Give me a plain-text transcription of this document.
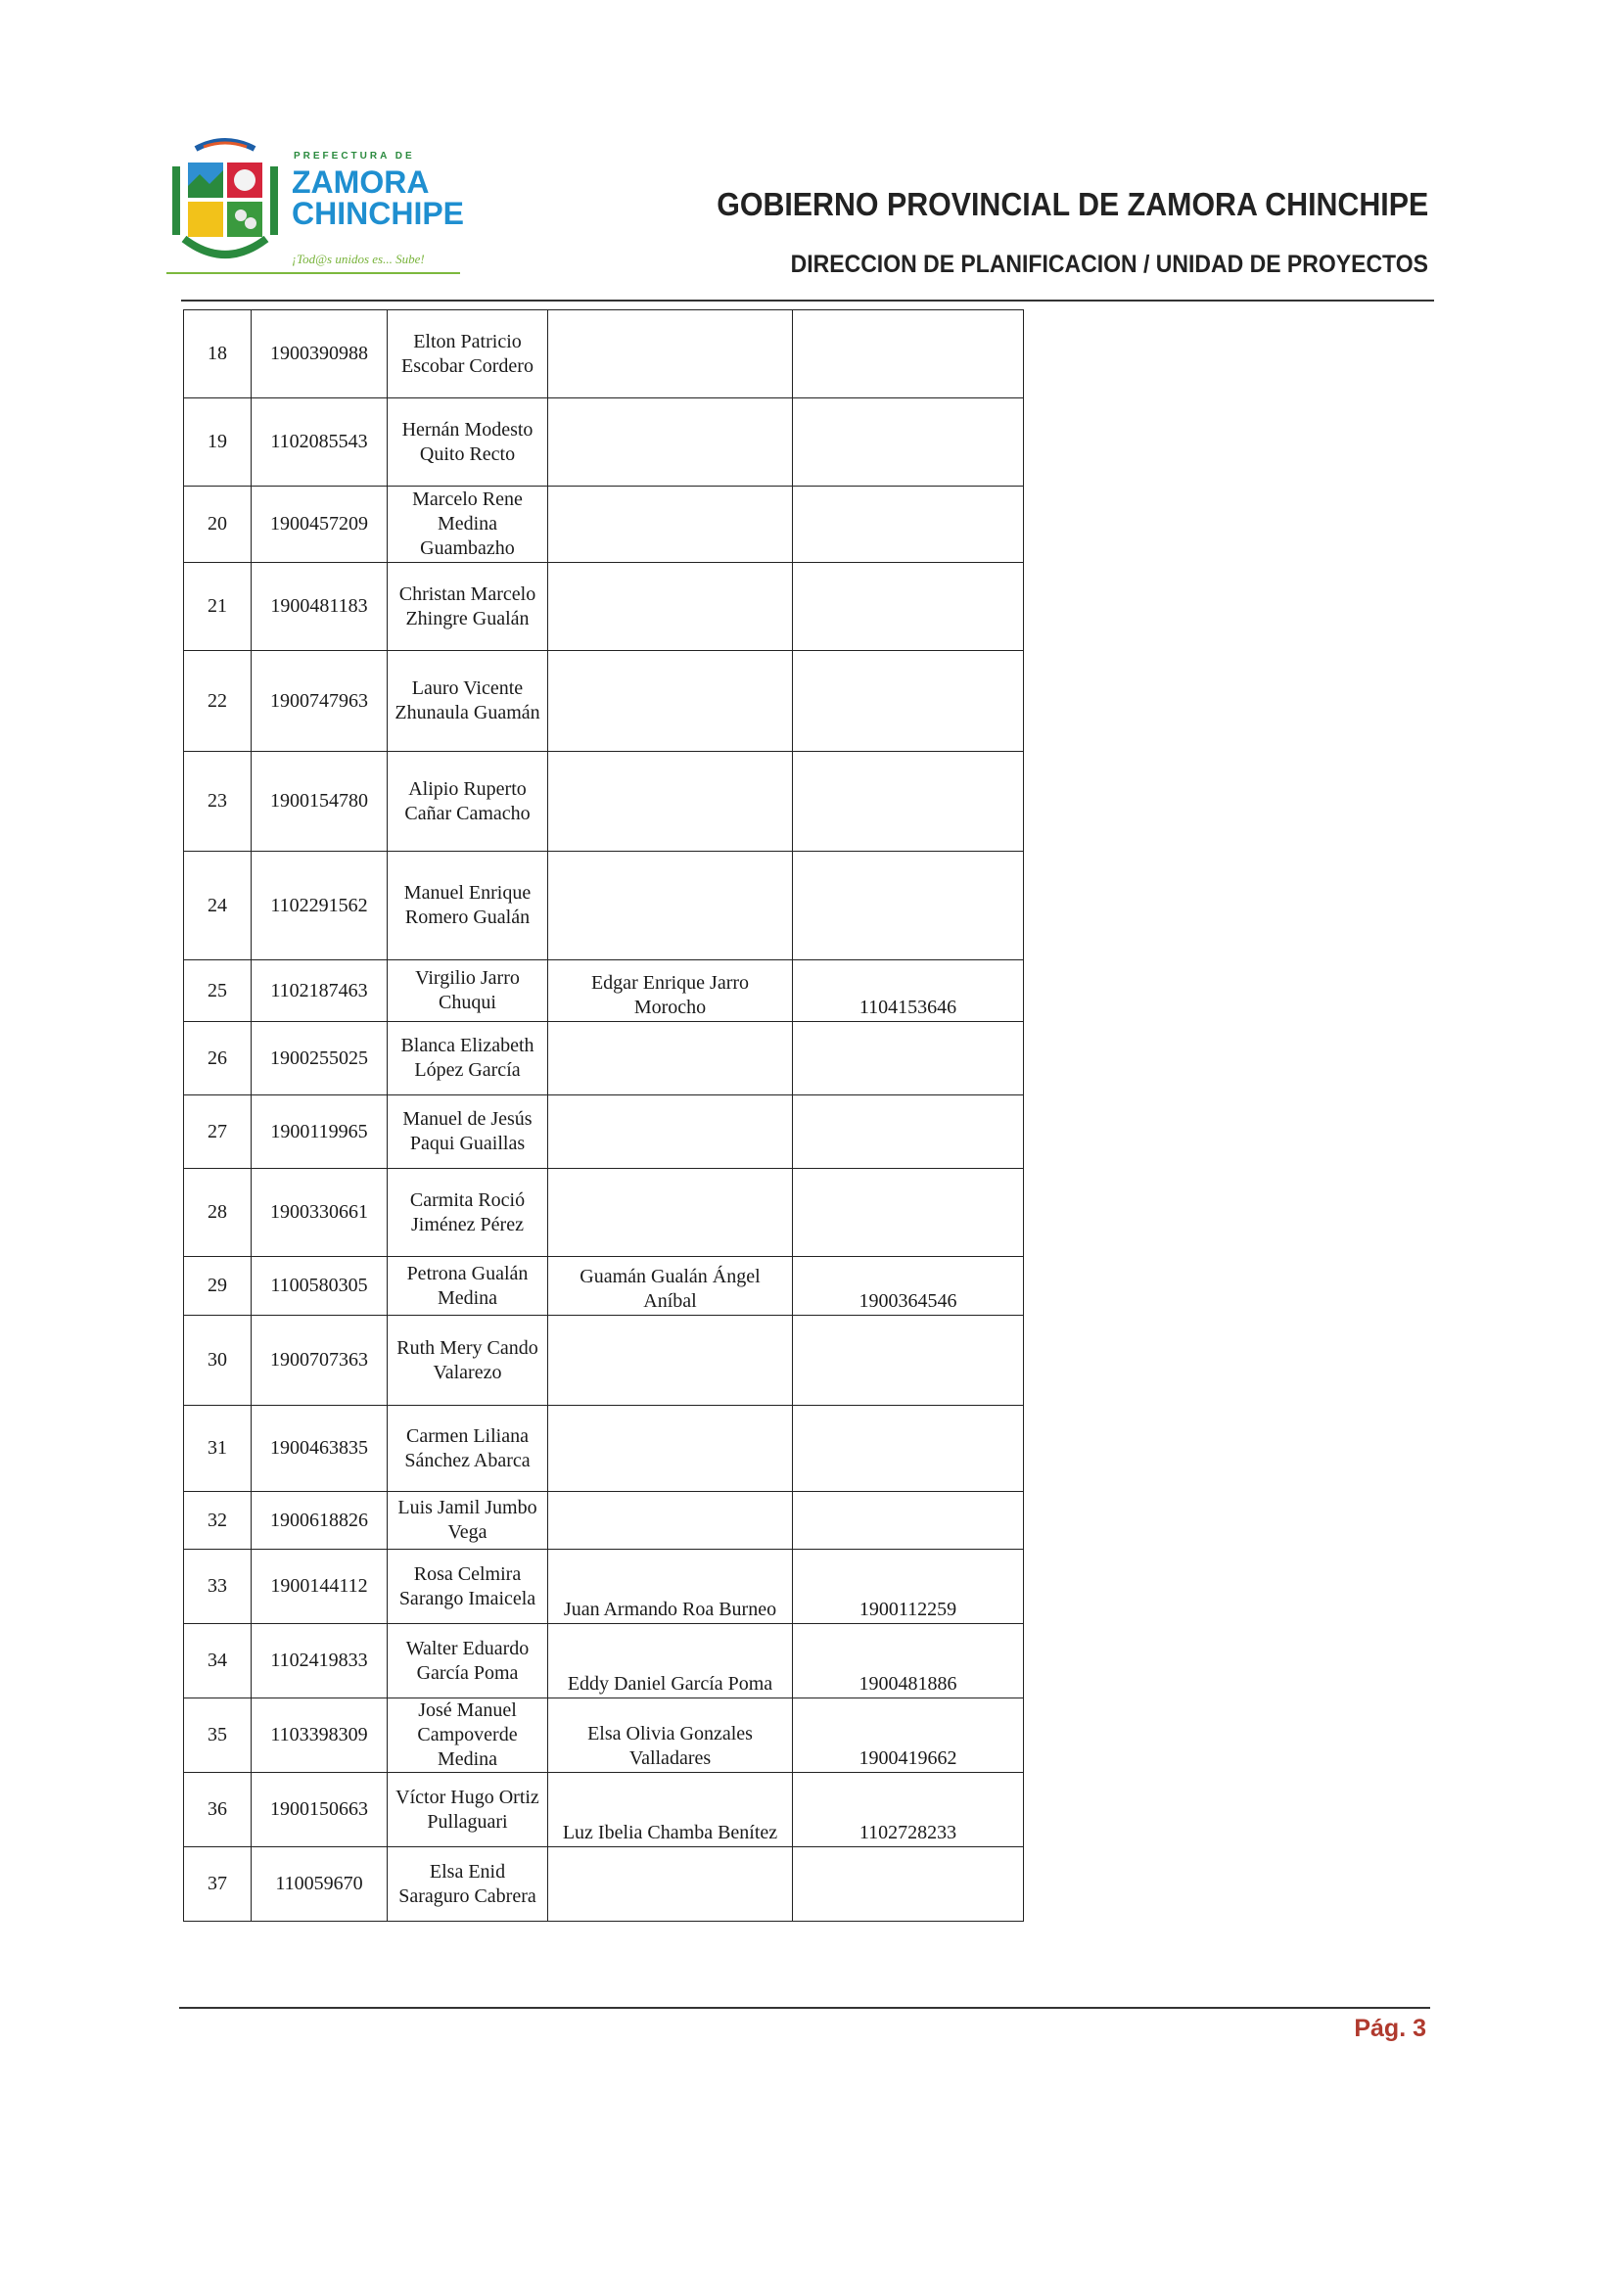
PREFECTURA DE
ZAMORA
CHINCHIPE
¡Tod@s unidos es... Sube!
GOBIERNO PROVINCIAL DE ZAMORA CHINCHIPE
DIRECCION DE PLANIFICACION / UNIDAD DE PROYECTOS
18	1900390988	Elton Patricio Escobar Cordero		
19	1102085543	Hernán Modesto Quito Recto		
20	1900457209	Marcelo Rene Medina Guambazho		
21	1900481183	Christan Marcelo Zhingre Gualán		
22	1900747963	Lauro Vicente Zhunaula Guamán		
23	1900154780	Alipio Ruperto Cañar Camacho		
24	1102291562	Manuel Enrique Romero Gualán		
25	1102187463	Virgilio Jarro Chuqui	Edgar Enrique Jarro Morocho	1104153646
26	1900255025	Blanca Elizabeth López García		
27	1900119965	Manuel de Jesús Paqui Guaillas		
28	1900330661	Carmita Roció Jiménez Pérez		
29	1100580305	Petrona Gualán Medina	Guamán Gualán Ángel Aníbal	1900364546
30	1900707363	Ruth Mery Cando Valarezo		
31	1900463835	Carmen Liliana Sánchez Abarca		
32	1900618826	Luis Jamil Jumbo Vega		
33	1900144112	Rosa Celmira Sarango Imaicela	Juan Armando Roa Burneo	1900112259
34	1102419833	Walter Eduardo García Poma	Eddy Daniel García Poma	1900481886
35	1103398309	José Manuel Campoverde Medina	Elsa Olivia Gonzales Valladares	1900419662
36	1900150663	Víctor Hugo Ortiz Pullaguari	Luz Ibelia Chamba Benítez	1102728233
37	110059670	Elsa Enid Saraguro Cabrera		
Pág. 3
